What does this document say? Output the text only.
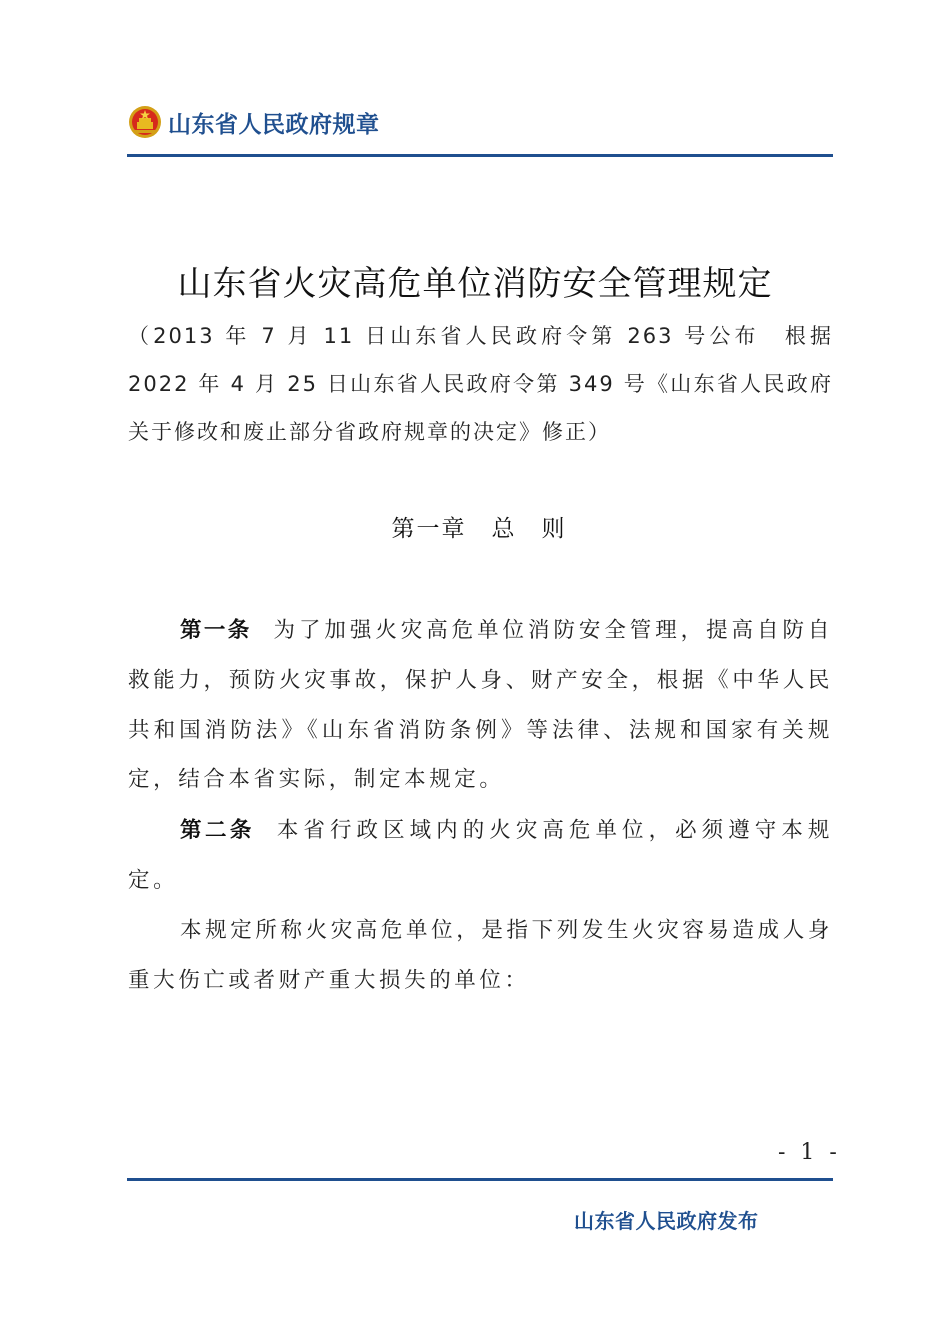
山东省人民政府规章
山东省火灾高危单位消防安全管理规定
（2013 年 7 月 11 日山东省人民政府令第 263 号公布　根据 2022 年 4 月 25 日山东省人民政府令第 349 号《山东省人民政府关于修改和废止部分省政府规章的决定》修正）
第一章　总　则

第一条 为了加强火灾高危单位消防安全管理，提高自防自救能力，预防火灾事故，保护人身、财产安全，根据《中华人民共和国消防法》《山东省消防条例》等法律、法规和国家有关规定，结合本省实际，制定本规定。

第二条 本省行政区域内的火灾高危单位，必须遵守本规定。

本规定所称火灾高危单位，是指下列发生火灾容易造成人身重大伤亡或者财产重大损失的单位：

- 1 -
山东省人民政府发布
